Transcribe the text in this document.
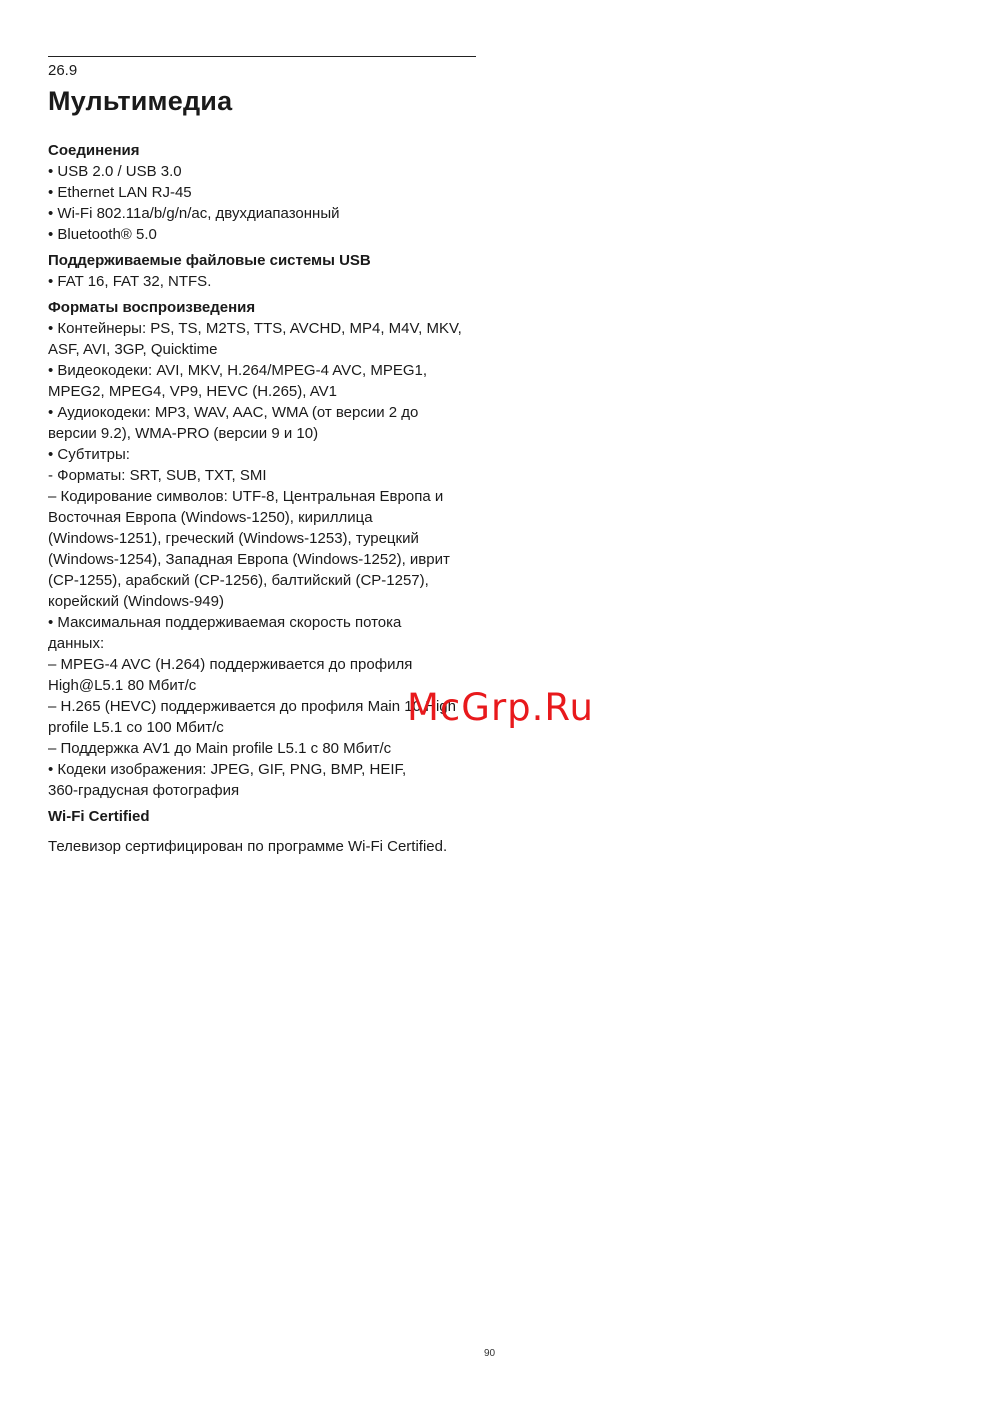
26.9
Мультимедиа
Соединения
• USB 2.0 / USB 3.0
• Ethernet LAN RJ-45
• Wi-Fi 802.11a/b/g/n/ac, двухдиапазонный
• Bluetooth® 5.0
Поддерживаемые файловые системы USB
• FAT 16, FAT 32, NTFS.
Форматы воспроизведения
• Контейнеры: PS, TS, M2TS, TTS, AVCHD, MP4, M4V, MKV,
ASF, AVI, 3GP, Quicktime
• Видеокодеки: AVI, MKV, H.264/MPEG-4 AVC, MPEG1,
MPEG2, MPEG4, VP9, HEVC (H.265), AV1
• Аудиокодеки: MP3, WAV, AAC, WMA (от версии 2 до
версии 9.2), WMA-PRO (версии 9 и 10)
• Субтитры:
- Форматы: SRT, SUB, TXT, SMI
– Кодирование символов: UTF-8, Центральная Европа и
Восточная Европа (Windows-1250), кириллица
(Windows-1251), греческий (Windows-1253), турецкий
(Windows-1254), Западная Европа (Windows-1252), иврит
(CP-1255), арабский (CP-1256), балтийский (CP-1257),
корейский (Windows-949)
• Максимальная поддерживаемая скорость потока
данных:
– MPEG-4 AVC (H.264) поддерживается до профиля
High@L5.1 80 Мбит/с
– H.265 (HEVC) поддерживается до профиля Main 10 High
profile L5.1 со 100 Мбит/с
– Поддержка AV1 до Main profile L5.1 с 80 Мбит/с
• Кодеки изображения: JPEG, GIF, PNG, BMP, HEIF,
360-градусная фотография
Wi-Fi Certified
Телевизор сертифицирован по программе Wi-Fi Certified.
McGrp.Ru
90
